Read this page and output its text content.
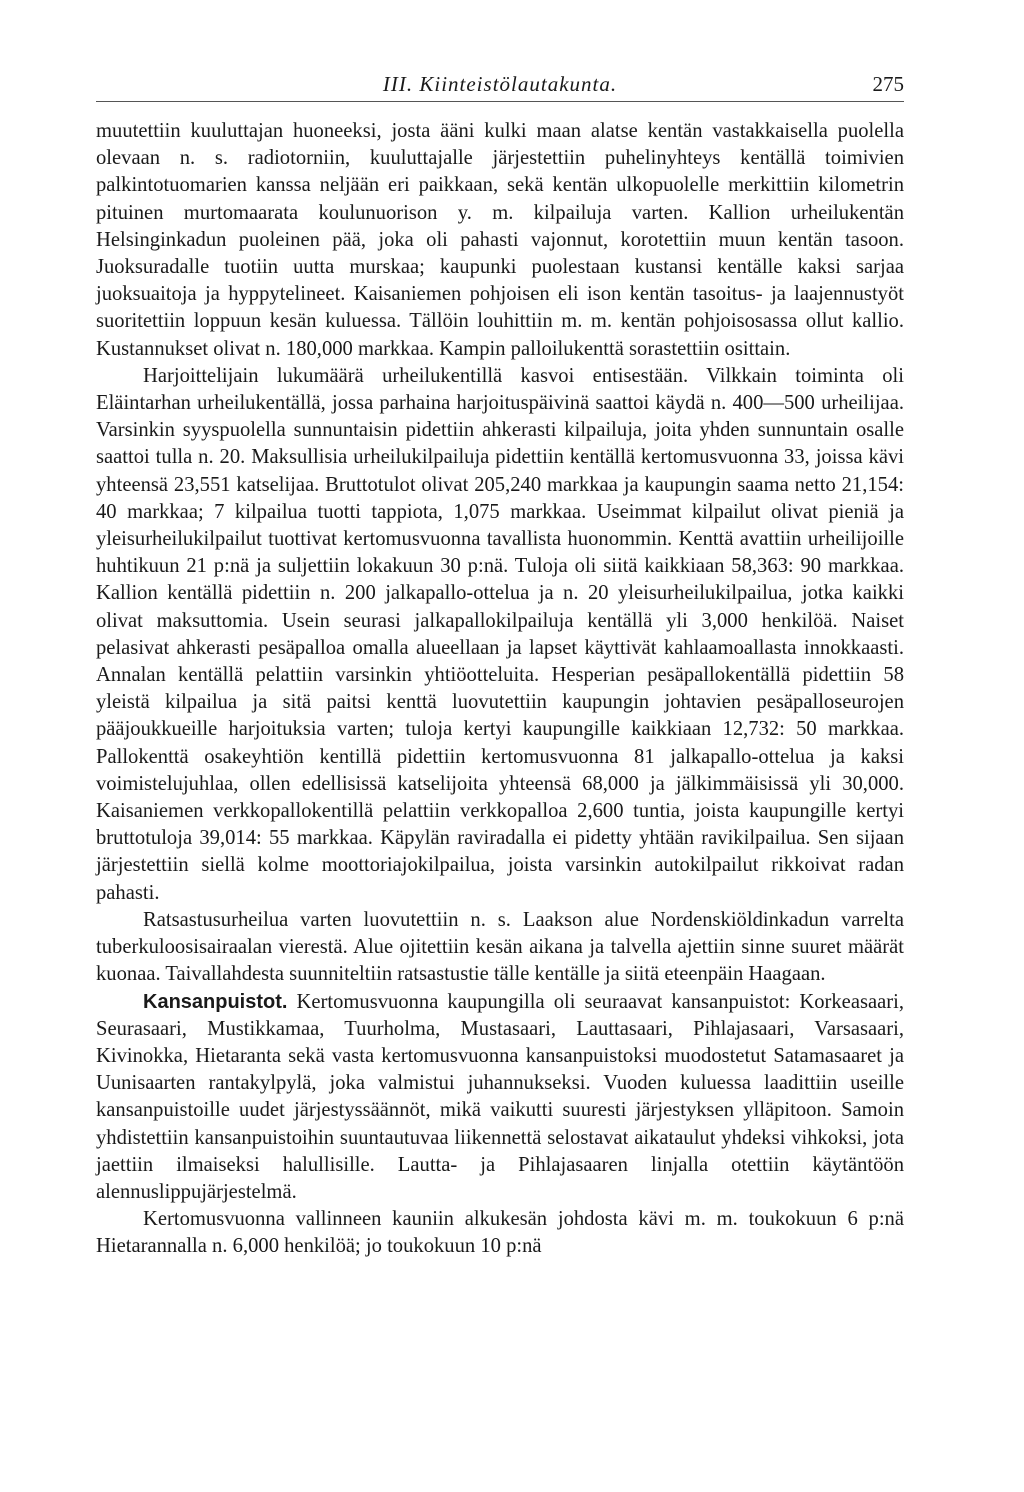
III. Kiinteistölautakunta.	275

muutettiin kuuluttajan huoneeksi, josta ääni kulki maan alatse kentän vastakkaisella puolella olevaan n. s. radiotorniin, kuuluttajalle järjestettiin puhelinyhteys kentällä toimivien palkintotuomarien kanssa neljään eri paikkaan, sekä kentän ulkopuolelle merkittiin kilometrin pituinen murtomaarata koulunuorison y. m. kilpailuja varten. Kallion urheilukentän Helsinginkadun puoleinen pää, joka oli pahasti vajonnut, korotettiin muun kentän tasoon. Juoksuradalle tuotiin uutta murskaa; kaupunki puolestaan kustansi kentälle kaksi sarjaa juoksuaitoja ja hyppytelineet. Kaisaniemen pohjoisen eli ison kentän tasoitus- ja laajennustyöt suoritettiin loppuun kesän kuluessa. Tällöin louhittiin m. m. kentän pohjoisosassa ollut kallio. Kustannukset olivat n. 180,000 markkaa. Kampin palloilukenttä sorastettiin osittain.

Harjoittelijain lukumäärä urheilukentillä kasvoi entisestään. Vilkkain toiminta oli Eläintarhan urheilukentällä, jossa parhaina harjoituspäivinä saattoi käydä n. 400—500 urheilijaa. Varsinkin syyspuolella sunnuntaisin pidettiin ahkerasti kilpailuja, joita yhden sunnuntain osalle saattoi tulla n. 20. Maksullisia urheilukilpailuja pidettiin kentällä kertomusvuonna 33, joissa kävi yhteensä 23,551 katselijaa. Bruttotulot olivat 205,240 markkaa ja kaupungin saama netto 21,154: 40 markkaa; 7 kilpailua tuotti tappiota, 1,075 markkaa. Useimmat kilpailut olivat pieniä ja yleisurheilukilpailut tuottivat kertomusvuonna tavallista huonommin. Kenttä avattiin urheilijoille huhtikuun 21 p:nä ja suljettiin lokakuun 30 p:nä. Tuloja oli siitä kaikkiaan 58,363: 90 markkaa. Kallion kentällä pidettiin n. 200 jalkapallo-ottelua ja n. 20 yleisurheilukilpailua, jotka kaikki olivat maksuttomia. Usein seurasi jalkapallokilpailuja kentällä yli 3,000 henkilöä. Naiset pelasivat ahkerasti pesäpalloa omalla alueellaan ja lapset käyttivät kahlaamoallasta innokkaasti. Annalan kentällä pelattiin varsinkin yhtiöotteluita. Hesperian pesäpallokentällä pidettiin 58 yleistä kilpailua ja sitä paitsi kenttä luovutettiin kaupungin johtavien pesäpalloseurojen pääjoukkueille harjoituksia varten; tuloja kertyi kaupungille kaikkiaan 12,732: 50 markkaa. Pallokenttä osakeyhtiön kentillä pidettiin kertomusvuonna 81 jalkapallo-ottelua ja kaksi voimistelujuhlaa, ollen edellisissä katselijoita yhteensä 68,000 ja jälkimmäisissä yli 30,000. Kaisaniemen verkkopallokentillä pelattiin verkkopalloa 2,600 tuntia, joista kaupungille kertyi bruttotuloja 39,014: 55 markkaa. Käpylän raviradalla ei pidetty yhtään ravikilpailua. Sen sijaan järjestettiin siellä kolme moottoriajokilpailua, joista varsinkin autokilpailut rikkoivat radan pahasti.

Ratsastusurheilua varten luovutettiin n. s. Laakson alue Nordenskiöldinkadun varrelta tuberkuloosisairaalan vierestä. Alue ojitettiin kesän aikana ja talvella ajettiin sinne suuret määrät kuonaa. Taivallahdesta suunniteltiin ratsastustie tälle kentälle ja siitä eteenpäin Haagaan.

Kansanpuistot. Kertomusvuonna kaupungilla oli seuraavat kansanpuistot: Korkeasaari, Seurasaari, Mustikkamaa, Tuurholma, Mustasaari, Lauttasaari, Pihlajasaari, Varsasaari, Kivinokka, Hietaranta sekä vasta kertomusvuonna kansanpuistoksi muodostetut Satamasaaret ja Uunisaarten rantakylpylä, joka valmistui juhannukseksi. Vuoden kuluessa laadittiin useille kansanpuistoille uudet järjestyssäännöt, mikä vaikutti suuresti järjestyksen ylläpitoon. Samoin yhdistettiin kansanpuistoihin suuntautuvaa liikennettä selostavat aikataulut yhdeksi vihkoksi, jota jaettiin ilmaiseksi halullisille. Lautta- ja Pihlajasaaren linjalla otettiin käytäntöön alennuslippujärjestelmä.

Kertomusvuonna vallinneen kauniin alkukesän johdosta kävi m. m. toukokuun 6 p:nä Hietarannalla n. 6,000 henkilöä; jo toukokuun 10 p:nä
